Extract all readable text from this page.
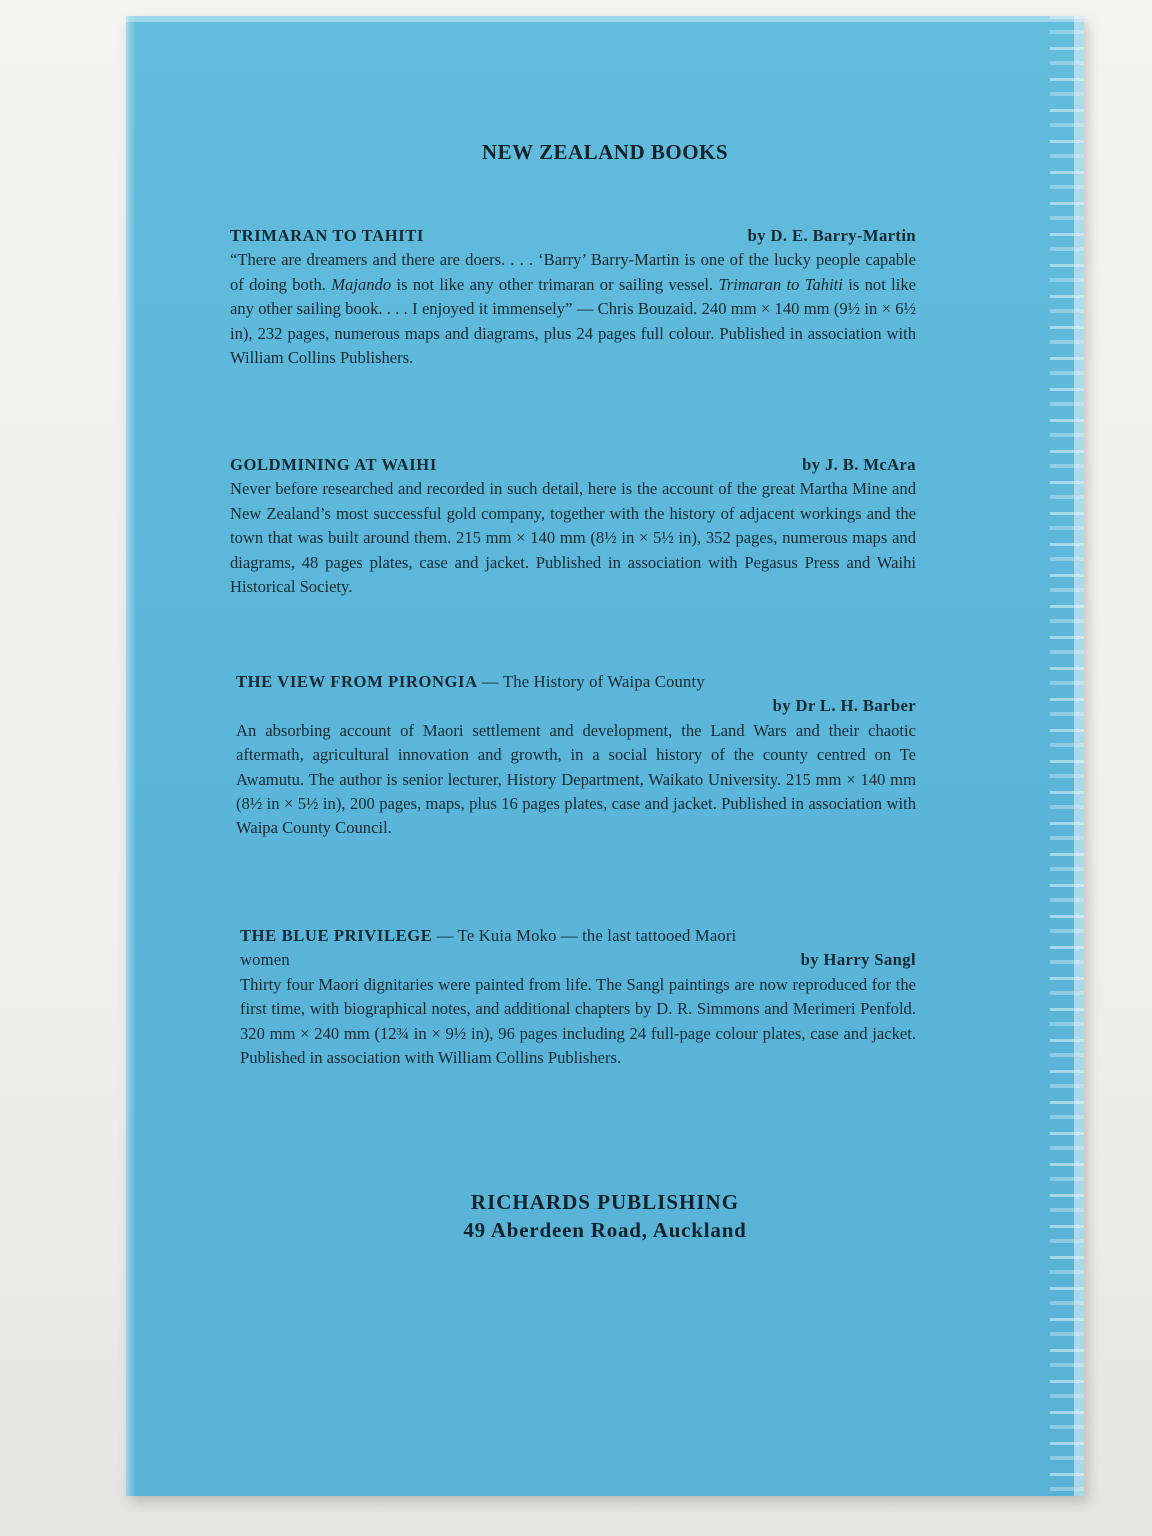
NEW ZEALAND BOOKS
TRIMARAN TO TAHITI	by D. E. Barry-Martin

“There are dreamers and there are doers. . . . ‘Barry’ Barry-Martin is one of the lucky people capable of doing both. Majando is not like any other trimaran or sailing vessel. Trimaran to Tahiti is not like any other sailing book. . . . I enjoyed it immensely” — Chris Bouzaid. 240 mm × 140 mm (9½ in × 6½ in), 232 pages, numerous maps and diagrams, plus 24 pages full colour. Published in association with William Collins Publishers.

GOLDMINING AT WAIHI	by J. B. McAra

Never before researched and recorded in such detail, here is the account of the great Martha Mine and New Zealand’s most successful gold company, together with the history of adjacent workings and the town that was built around them. 215 mm × 140 mm (8½ in × 5½ in), 352 pages, numerous maps and diagrams, 48 pages plates, case and jacket. Published in association with Pegasus Press and Waihi Historical Society.

THE VIEW FROM PIRONGIA — The History of Waipa County
by Dr L. H. Barber

An absorbing account of Maori settlement and development, the Land Wars and their chaotic aftermath, agricultural innovation and growth, in a social history of the county centred on Te Awamutu. The author is senior lecturer, History Department, Waikato University. 215 mm × 140 mm (8½ in × 5½ in), 200 pages, maps, plus 16 pages plates, case and jacket. Published in association with Waipa County Council.

THE BLUE PRIVILEGE — Te Kuia Moko — the last tattooed Maori
women	by Harry Sangl

Thirty four Maori dignitaries were painted from life. The Sangl paintings are now reproduced for the first time, with biographical notes, and additional chapters by D. R. Simmons and Merimeri Penfold. 320 mm × 240 mm (12¾ in × 9½ in), 96 pages including 24 full-page colour plates, case and jacket. Published in association with William Collins Publishers.

RICHARDS PUBLISHING
49 Aberdeen Road, Auckland
